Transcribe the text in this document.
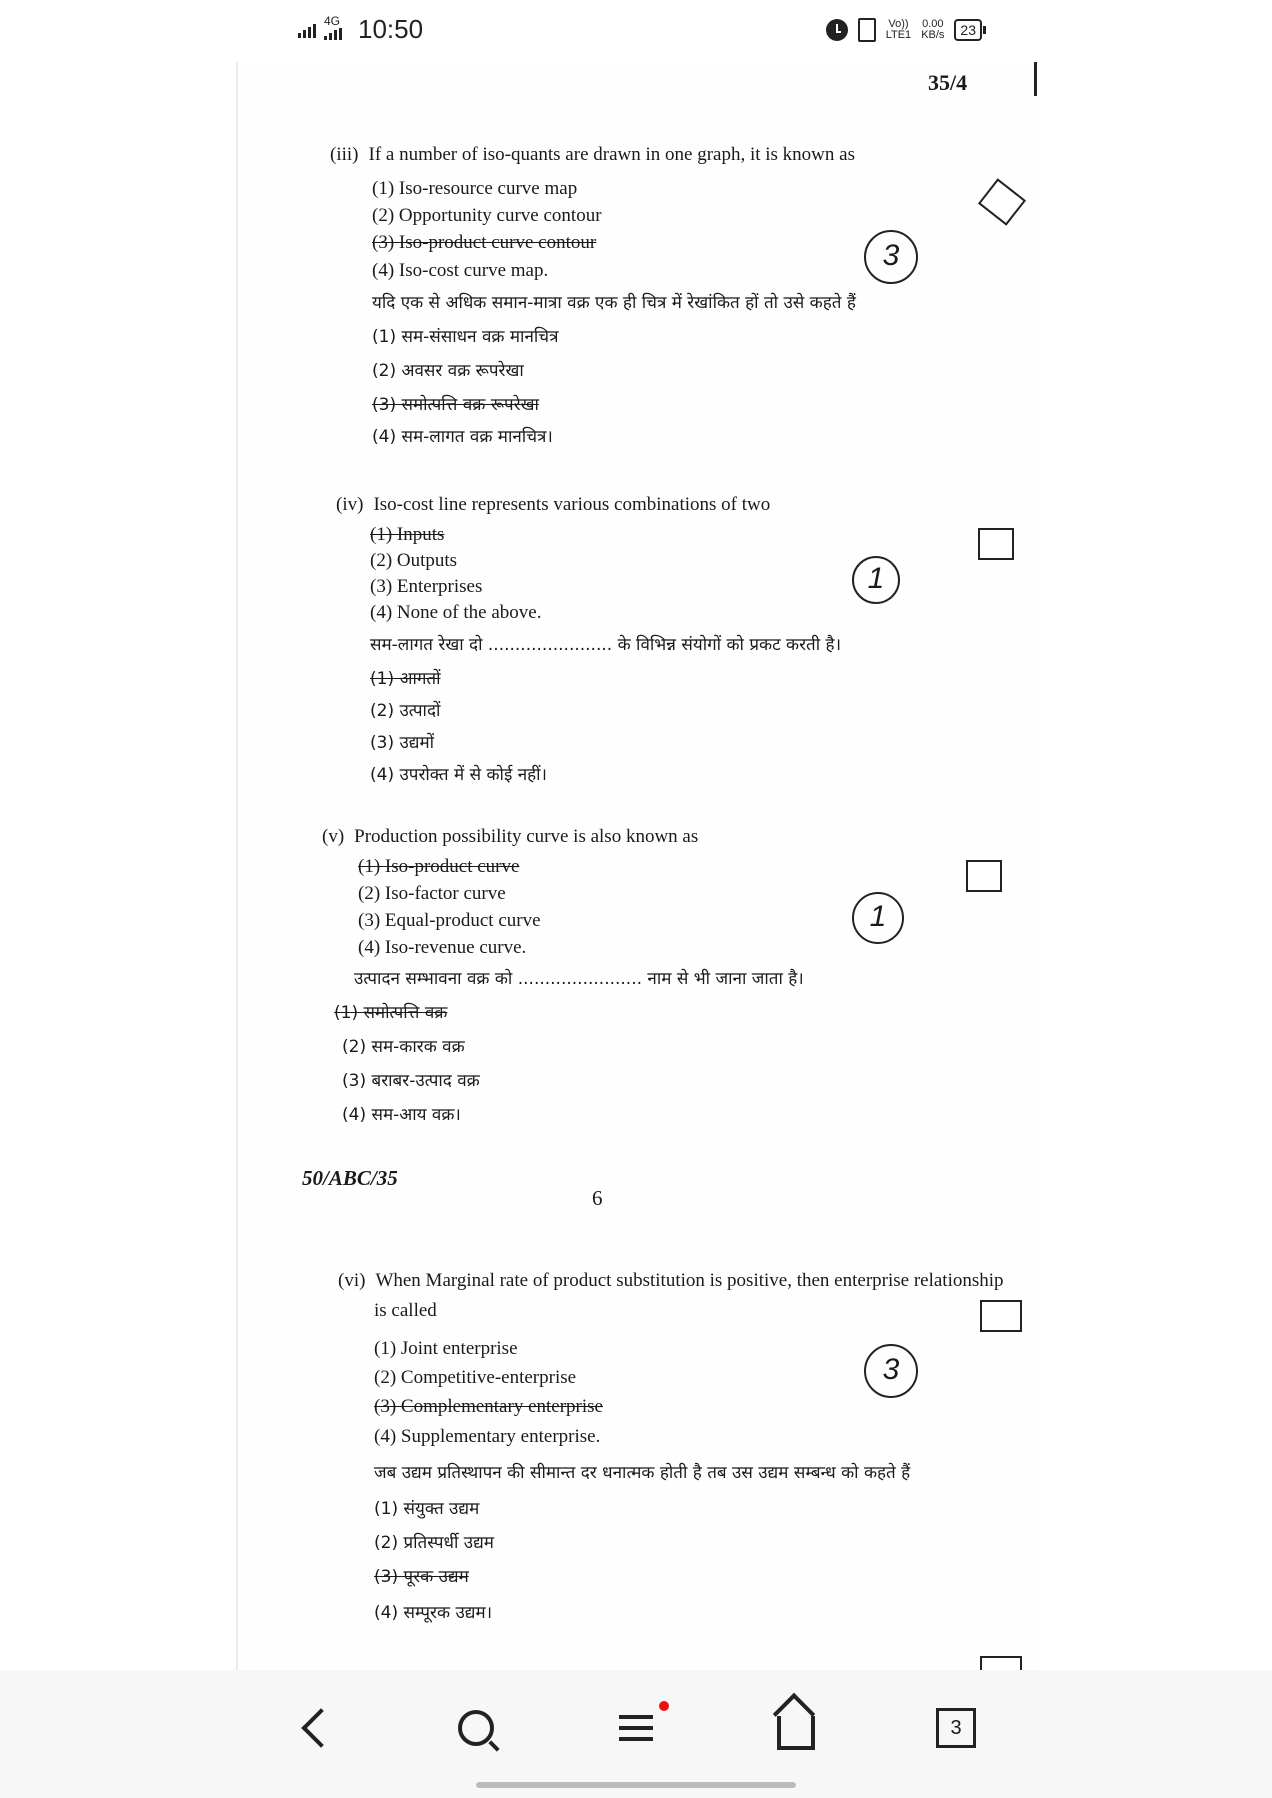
4G 10:50	Vo))
LTE1
0.00
KB/s	23
35/4
(iii) If a number of iso-quants are drawn in one graph, it is known as
(1) Iso-resource curve map
(2) Opportunity curve contour
(3) Iso-product curve contour
(4) Iso-cost curve map.
यदि एक से अधिक समान-मात्रा वक्र एक ही चित्र में रेखांकित हों तो उसे कहते हैं
(1) सम-संसाधन वक्र मानचित्र
(2) अवसर वक्र रूपरेखा
(3) समोत्पत्ति वक्र रूपरेखा
(4) सम-लागत वक्र मानचित्र।
3
(iv) Iso-cost line represents various combinations of two
(1) Inputs
(2) Outputs
(3) Enterprises
(4) None of the above.
सम-लागत रेखा दो ....................... के विभिन्न संयोगों को प्रकट करती है।
(1) आगतों
(2) उत्पादों
(3) उद्यमों
(4) उपरोक्त में से कोई नहीं।
1
(v) Production possibility curve is also known as
(1) Iso-product curve
(2) Iso-factor curve
(3) Equal-product curve
(4) Iso-revenue curve.
उत्पादन सम्भावना वक्र को ....................... नाम से भी जाना जाता है।
(1) समोत्पत्ति वक्र
(2) सम-कारक वक्र
(3) बराबर-उत्पाद वक्र
(4) सम-आय वक्र।
1
50/ABC/35
6
(vi) When Marginal rate of product substitution is positive, then enterprise relationship
is called
(1) Joint enterprise
(2) Competitive-enterprise
(3) Complementary enterprise
(4) Supplementary enterprise.
जब उद्यम प्रतिस्थापन की सीमान्त दर धनात्मक होती है तब उस उद्यम सम्बन्ध को कहते हैं
(1) संयुक्त उद्यम
(2) प्रतिस्पर्धी उद्यम
(3) पूरक उद्यम
(4) सम्पूरक उद्यम।
3
3
